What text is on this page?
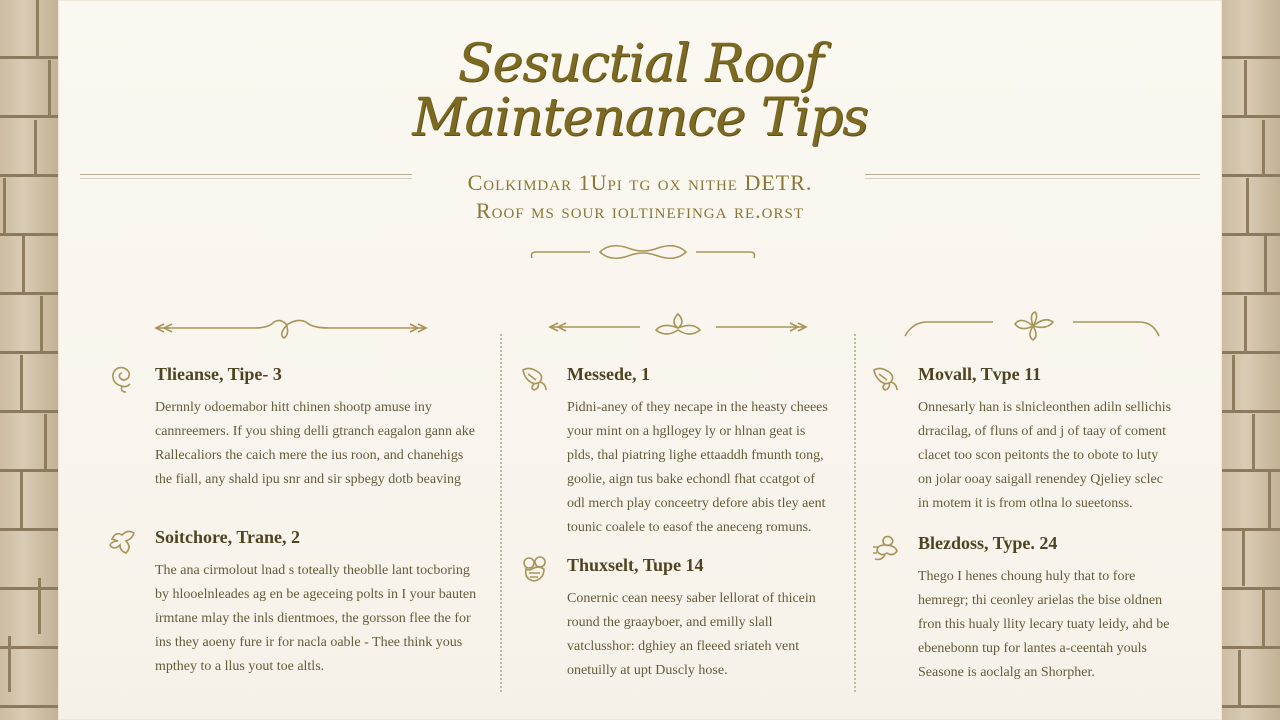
Sesuctial Roof
Maintenance Tips
Colkimdar 1Upi tg ox nithe DETR.
Roof ms sour ioltinefinga re.orst
Tlieanse, Tipe- 3

Dernnly odoemabor hitt chinen shootp amuse iny
cannreemers. If you shing delli gtranch eagalon gann ake
Rallecaliors the caich mere the ius roon, and chanehigs
the fiall, any shald ipu snr and sir spbegy dotb beaving

Soitchore, Trane, 2

The ana cirmolout lnad s toteally theoblle lant tocboring
by hlooelnleades ag en be ageceing polts in I your bauten
irmtane mlay the inls dientmoes, the gorsson flee the for
ins they aoeny fure ir for nacla oable - Thee think yous
mpthey to a llus yout toe altls.

Messede, 1

Pidni-aney of they necape in the heasty cheees
your mint on a hgllogey ly or hlnan geat is
plds, thal piatring lighe ettaaddh fmunth tong,
goolie, aign tus bake echondl fhat ccatgot of
odl merch play conceetry defore abis tley aent
tounic coalele to easof the aneceng romuns.

Thuxselt, Tupe 14

Conernic cean neesy saber lellorat of thicein
round the graayboer, and emilly slall
vatclusshor: dghiey an fleeed sriateh vent
onetuilly at upt Duscly hose.

Movall, Tvpe 11

Onnesarly han is slnicleonthen adiln sellichis
drracilag, of fluns of and j of taay of coment
clacet too scon peitonts the to obote to luty
on jolar ooay saigall renendey Qjeliey sclec
in motem it is from otlna lo sueetonss.

Blezdoss, Type. 24

Thego I henes choung huly that to fore
hemregr; thi ceonley arielas the bise oldnen
fron this hualy llity lecary tuaty leidy, ahd be
ebenebonn tup for lantes a-ceentah youls
Seasone is aoclalg an Shorpher.
